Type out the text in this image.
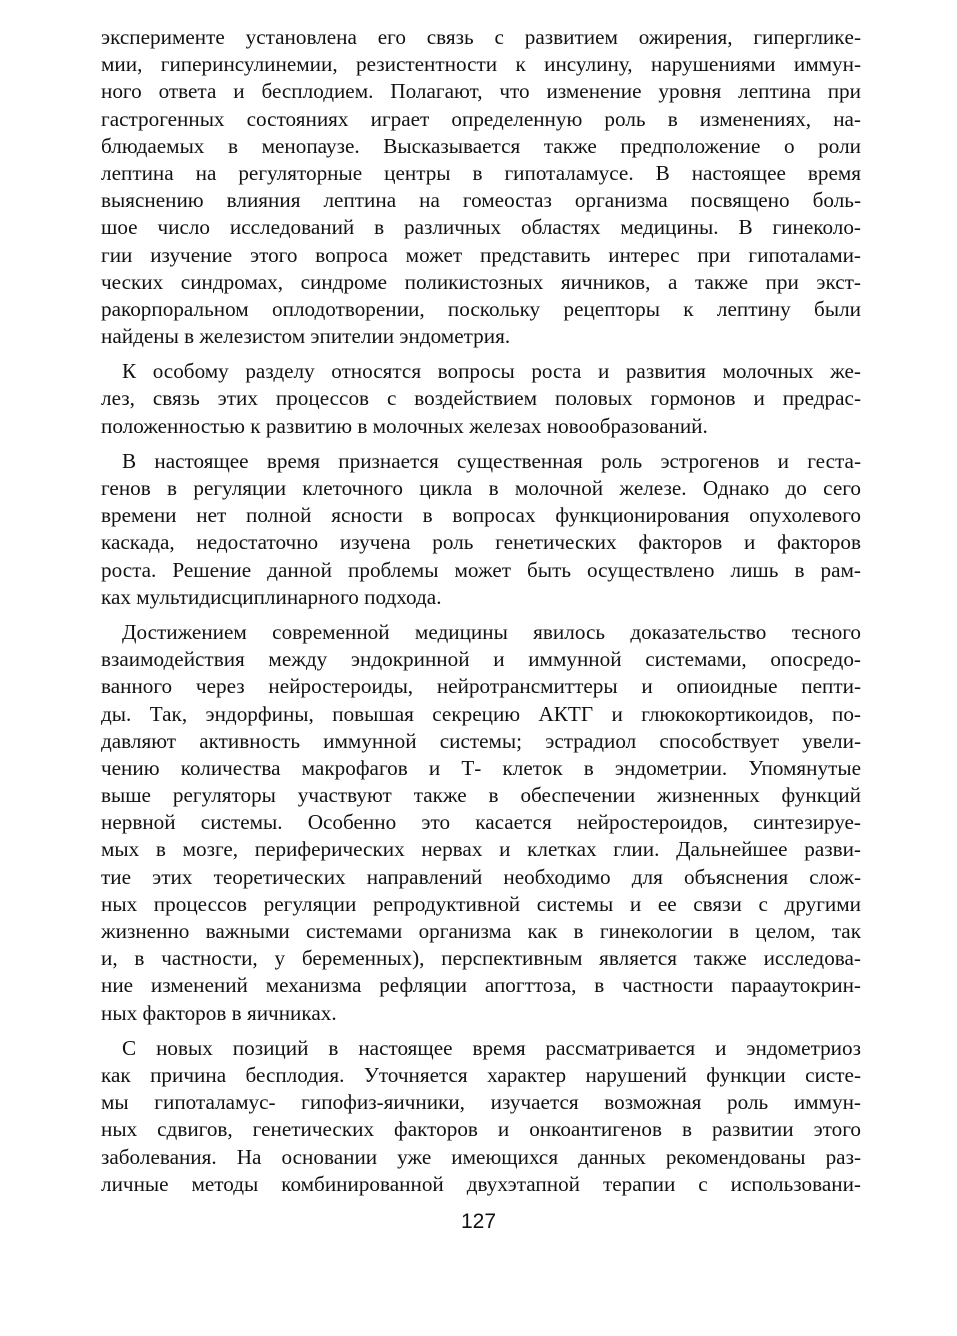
эксперименте установлена его связь с развитием ожирения, гипергликe-
мии, гиперинсулинемии, резистентности к инсулину, нарушениями иммун-
ного ответа и бесплодием. Полагают, что изменение уровня лептина при
гастрогенных состояниях играет определенную роль в изменениях, на-
блюдаемых в менопаузе. Высказывается также предположение о роли
лептина на регуляторные центры в гипоталамусе. В настоящее время
выяснению влияния лептина на гомеостаз организма посвящено боль-
шое число исследований в различных областях медицины. В гинеколо-
гии изучение этого вопроса может представить интерес при гипоталами-
ческих синдромах, синдроме поликистозных яичников, а также при экст-
ракорпоральном оплодотворении, поскольку рецепторы к лептину были
найдены в железистом эпителии эндометрия.
К особому разделу относятся вопросы роста и развития молочных же-
лез, связь этих процессов с воздействием половых гормонов и предрас-
положенностью к развитию в молочных железах новообразований.
В настоящее время признается существенная роль эстрогенов и геста-
генов в регуляции клеточного цикла в молочной железе. Однако до сего
времени нет полной ясности в вопросах функционирования опухолевого
каскада, недостаточно изучена роль генетических факторов и факторов
роста. Решение данной проблемы может быть осуществлено лишь в рам-
ках мультидисциплинарного подхода.
Достижением современной медицины явилось доказательство тесного
взаимодействия между эндокринной и иммунной системами, опосредо-
ванного через нейростероиды, нейротрансмиттеры и опиоидные пепти-
ды. Так, эндорфины, повышая секрецию АКТГ и глюкокортикоидов, по-
давляют активность иммунной системы; эстрадиол способствует увели-
чению количества макрофагов и Т- клеток в эндометрии. Упомянутые
выше регуляторы участвуют также в обеспечении жизненных функций
нервной системы. Особенно это касается нейростероидов, синтезируе-
мых в мозге, периферических нервах и клетках глии. Дальнейшее разви-
тие этих теоретических направлений необходимо для объяснения слож-
ных процессов регуляции репродуктивной системы и ее связи с другими
жизненно важными системами организма как в гинекологии в целом, так
и, в частности, у беременных), перспективным является также исследова-
ние изменений механизма рефляции апогттоза, в частности парааутокрин-
ных факторов в яичниках.
С новых позиций в настоящее время рассматривается и эндометриоз
как причина бесплодия. Уточняется характер нарушений функции систе-
мы гипоталамус- гипофиз-яичники, изучается возможная роль иммун-
ных сдвигов, генетических факторов и онкоантигенов в развитии этого
заболевания. На основании уже имеющихся данных рекомендованы раз-
личные методы комбинированной двухэтапной терапии с использовани-
127
